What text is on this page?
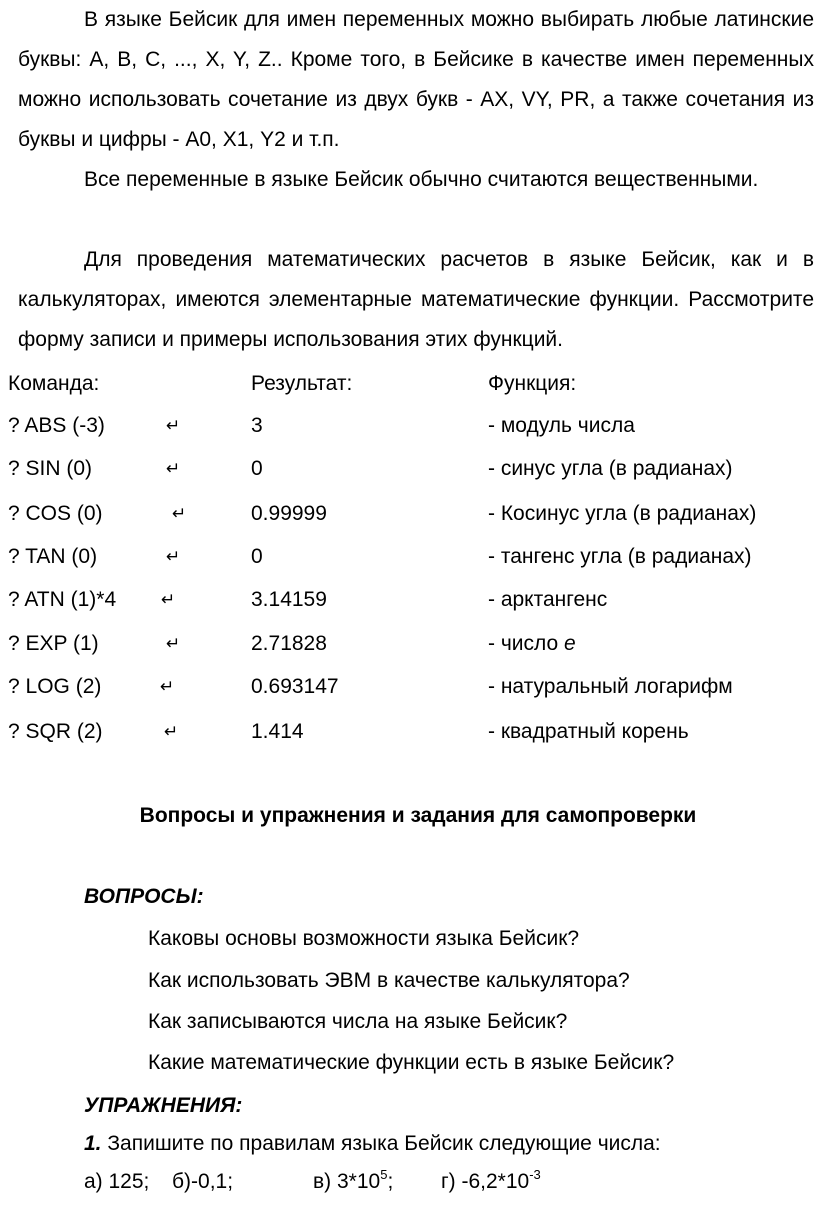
В языке Бейсик для имен переменных можно выбирать любые латинские буквы: A, B, C, ..., X, Y, Z.. Кроме того, в Бейсике в качестве имен переменных можно использовать сочетание из двух букв - АХ, VY, PR, а также сочетания из буквы и цифры - А0, Х1, Y2 и т.п.

Все переменные в языке Бейсик обычно считаются вещественными.

Для проведения математических расчетов в языке Бейсик, как и в калькуляторах, имеются элементарные математические функции. Рассмотрите форму записи и примеры использования этих функций.

Команда:	Результат:	Функция:
? ABS (-3)	↵	3	- модуль числа
? SIN (0)	↵	0	- синус угла (в радианах)
? COS (0)	↵	0.99999	- Косинус угла (в радианах)
? TAN (0)	↵	0	- тангенс угла (в радианах)
? ATN (1)*4	↵	3.14159	- арктангенс
? EXP (1)	↵	2.71828	- число e
? LOG (2)	↵	0.693147	- натуральный логарифм
? SQR (2)	↵	1.414	- квадратный корень
Вопросы и упражнения и задания для самопроверки
ВОПРОСЫ:
Каковы основы возможности языка Бейсик?
Как использовать ЭВМ в качестве калькулятора?
Как записываются числа на языке Бейсик?
Какие математические функции есть в языке Бейсик?
УПРАЖНЕНИЯ:
1. Запишите по правилам языка Бейсик следующие числа:
а) 125; б)-0,1;	в) $3*10^5$; г) $-6,2*10^{-3}$
